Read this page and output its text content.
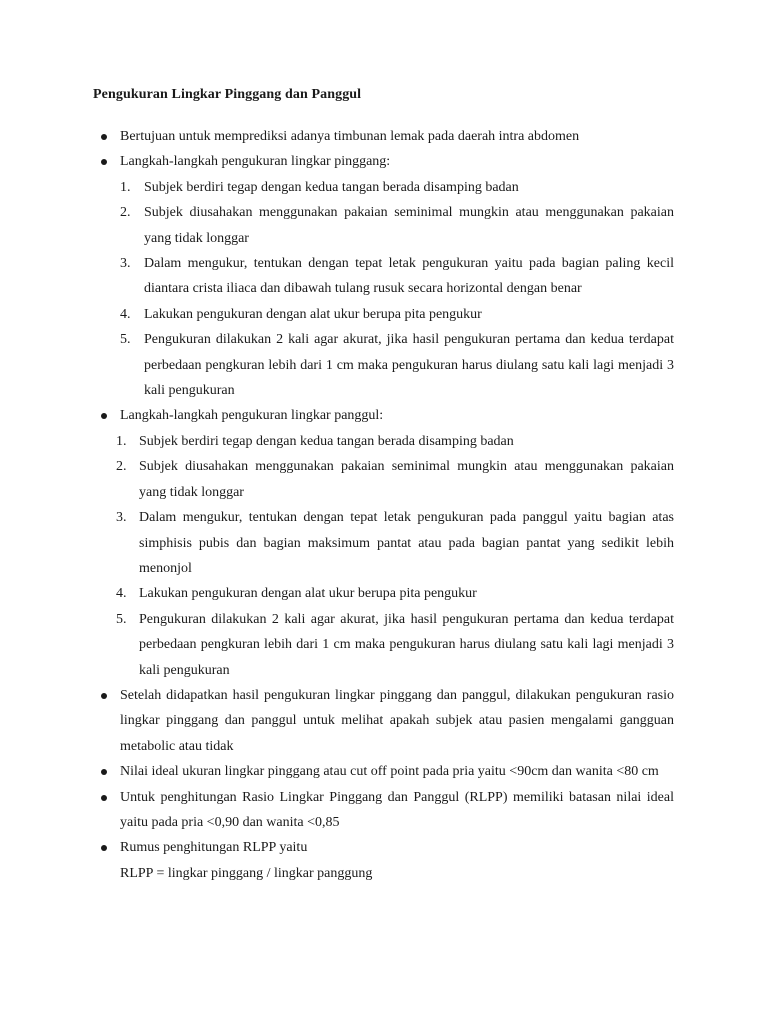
Pengukuran Lingkar Pinggang dan Panggul
Bertujuan untuk memprediksi adanya timbunan lemak pada daerah intra abdomen
Langkah-langkah pengukuran lingkar pinggang:
1. Subjek berdiri tegap dengan kedua tangan berada disamping badan
2. Subjek diusahakan menggunakan pakaian seminimal mungkin atau menggunakan pakaian yang tidak longgar
3. Dalam mengukur, tentukan dengan tepat letak pengukuran yaitu pada bagian paling kecil diantara crista iliaca dan dibawah tulang rusuk secara horizontal dengan benar
4. Lakukan pengukuran dengan alat ukur berupa pita pengukur
5. Pengukuran dilakukan 2 kali agar akurat, jika hasil pengukuran pertama dan kedua terdapat perbedaan pengkuran lebih dari 1 cm maka pengukuran harus diulang satu kali lagi menjadi 3 kali pengukuran
Langkah-langkah pengukuran lingkar panggul:
1. Subjek berdiri tegap dengan kedua tangan berada disamping badan
2. Subjek diusahakan menggunakan pakaian seminimal mungkin atau menggunakan pakaian yang tidak longgar
3. Dalam mengukur, tentukan dengan tepat letak pengukuran pada panggul yaitu bagian atas simphisis pubis dan bagian maksimum pantat atau pada bagian pantat yang sedikit lebih menonjol
4. Lakukan pengukuran dengan alat ukur berupa pita pengukur
5. Pengukuran dilakukan 2 kali agar akurat, jika hasil pengukuran pertama dan kedua terdapat perbedaan pengkuran lebih dari 1 cm maka pengukuran harus diulang satu kali lagi menjadi 3 kali pengukuran
Setelah didapatkan hasil pengukuran lingkar pinggang dan panggul, dilakukan pengukuran rasio lingkar pinggang dan panggul untuk melihat apakah subjek atau pasien mengalami gangguan metabolic atau tidak
Nilai ideal ukuran lingkar pinggang atau cut off point pada pria yaitu <90cm dan wanita <80 cm
Untuk penghitungan Rasio Lingkar Pinggang dan Panggul (RLPP) memiliki batasan nilai ideal yaitu pada pria <0,90 dan wanita <0,85
Rumus penghitungan RLPP yaitu
RLPP = lingkar pinggang / lingkar panggung
